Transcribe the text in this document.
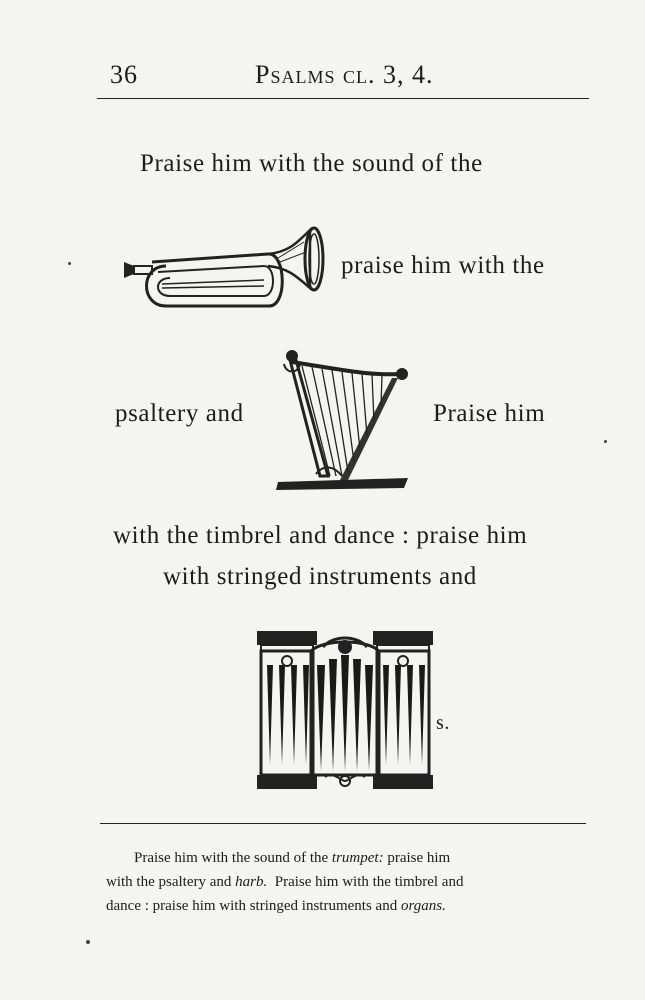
36	Psalms cl. 3, 4.
Praise him with the sound of the
praise him with the
psaltery and	Praise him
with the timbrel and dance : praise him
with stringed instruments and
s.
Praise him with the sound of the trumpet: praise him
with the psaltery and harb.  Praise him with the timbrel and
dance : praise him with stringed instruments and organs.
